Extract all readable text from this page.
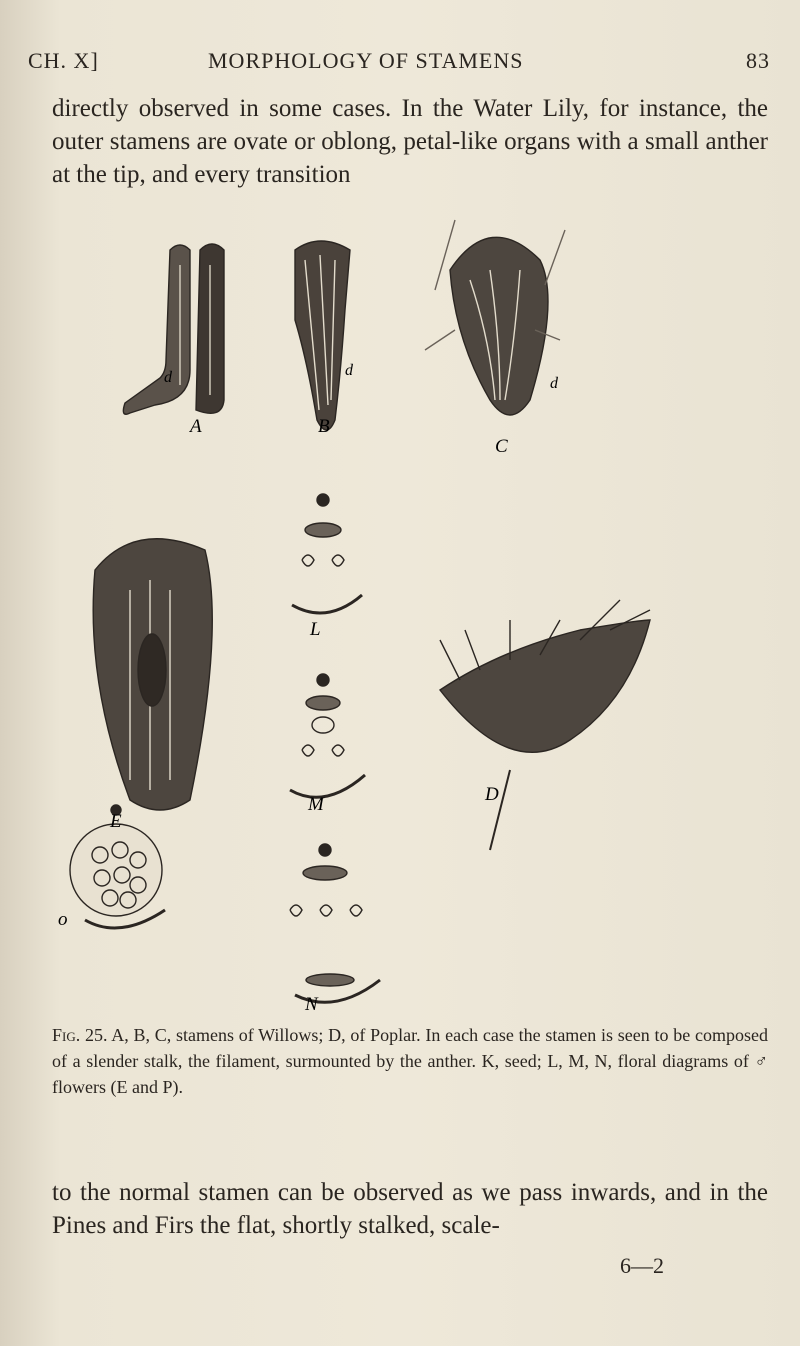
CH. X]	MORPHOLOGY OF STAMENS	83
directly observed in some cases. In the Water Lily, for instance, the outer stamens are ovate or oblong, petal-like organs with a small anther at the tip, and every transition
A	B
C
E
L
M
N
D
o
d	d
d
Fig. 25. A, B, C, stamens of Willows; D, of Poplar. In each case the stamen is seen to be composed of a slender stalk, the filament, surmounted by the anther. K, seed; L, M, N, floral diagrams of ♂ flowers (E and P).
to the normal stamen can be observed as we pass inwards, and in the Pines and Firs the flat, shortly stalked, scale-
6—2
